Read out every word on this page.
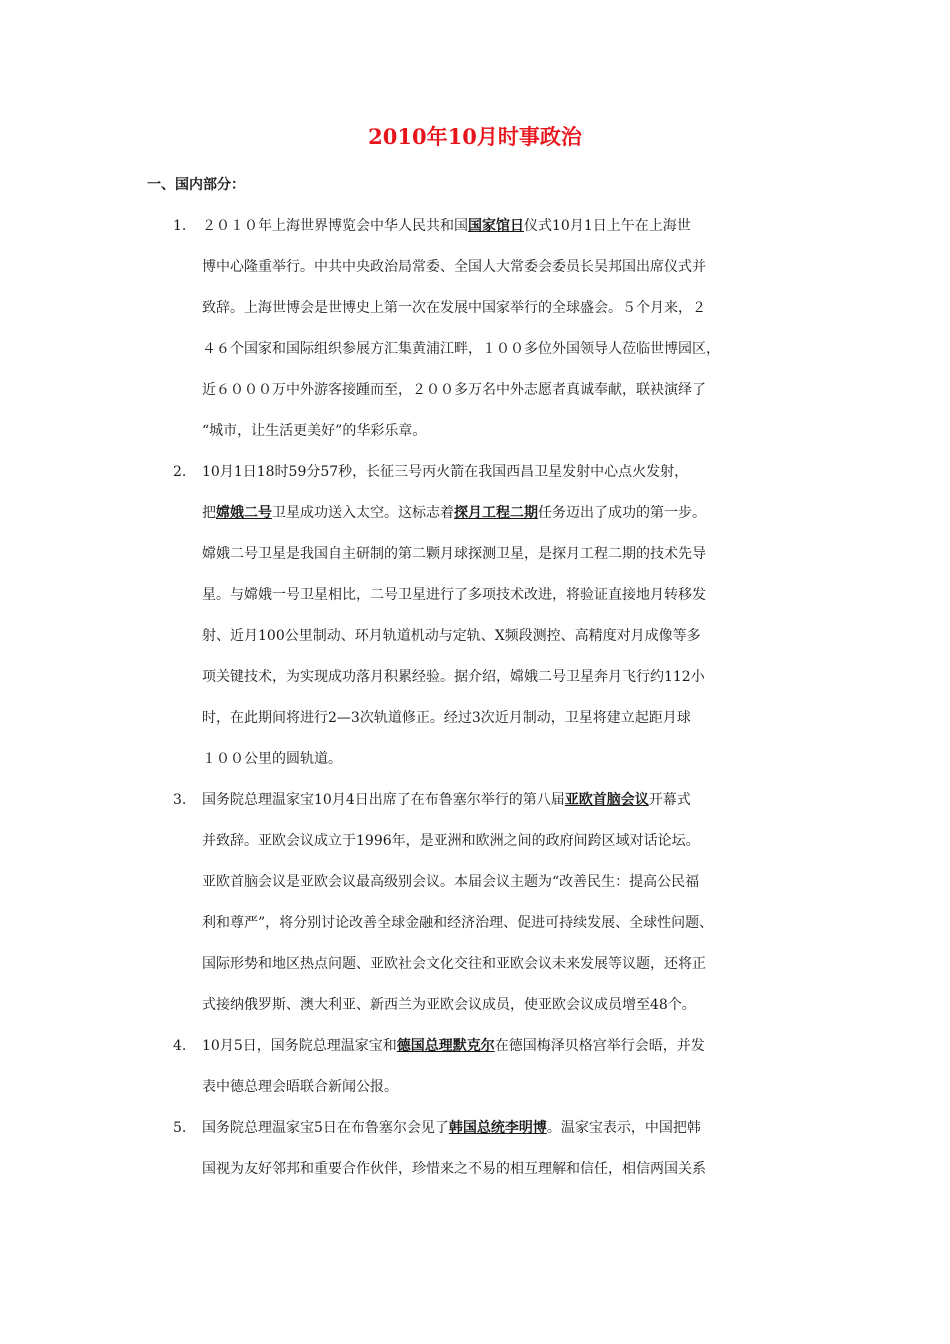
2010年10月时事政治
一、国内部分：
1. ２０１０年上海世界博览会中华人民共和国国家馆日仪式10月1日上午在上海世
博中心隆重举行。中共中央政治局常委、全国人大常委会委员长吴邦国出席仪式并
致辞。上海世博会是世博史上第一次在发展中国家举行的全球盛会。５个月来，２
４６个国家和国际组织参展方汇集黄浦江畔，１００多位外国领导人莅临世博园区，
近６０００万中外游客接踵而至，２００多万名中外志愿者真诚奉献，联袂演绎了
“城市，让生活更美好”的华彩乐章。
2. 10月1日18时59分57秒，长征三号丙火箭在我国西昌卫星发射中心点火发射，
把嫦娥二号卫星成功送入太空。这标志着探月工程二期任务迈出了成功的第一步。
嫦娥二号卫星是我国自主研制的第二颗月球探测卫星，是探月工程二期的技术先导
星。与嫦娥一号卫星相比，二号卫星进行了多项技术改进，将验证直接地月转移发
射、近月100公里制动、环月轨道机动与定轨、X频段测控、高精度对月成像等多
项关键技术，为实现成功落月积累经验。据介绍，嫦娥二号卫星奔月飞行约112小
时，在此期间将进行2—3次轨道修正。经过3次近月制动，卫星将建立起距月球
１００公里的圆轨道。
3. 国务院总理温家宝10月4日出席了在布鲁塞尔举行的第八届亚欧首脑会议开幕式
并致辞。亚欧会议成立于1996年，是亚洲和欧洲之间的政府间跨区域对话论坛。
亚欧首脑会议是亚欧会议最高级别会议。本届会议主题为“改善民生：提高公民福
利和尊严”，将分别讨论改善全球金融和经济治理、促进可持续发展、全球性问题、
国际形势和地区热点问题、亚欧社会文化交往和亚欧会议未来发展等议题，还将正
式接纳俄罗斯、澳大利亚、新西兰为亚欧会议成员，使亚欧会议成员增至48个。
4. 10月5日，国务院总理温家宝和德国总理默克尔在德国梅泽贝格宫举行会晤，并发
表中德总理会晤联合新闻公报。
5. 国务院总理温家宝5日在布鲁塞尔会见了韩国总统李明博。温家宝表示，中国把韩
国视为友好邻邦和重要合作伙伴，珍惜来之不易的相互理解和信任，相信两国关系
